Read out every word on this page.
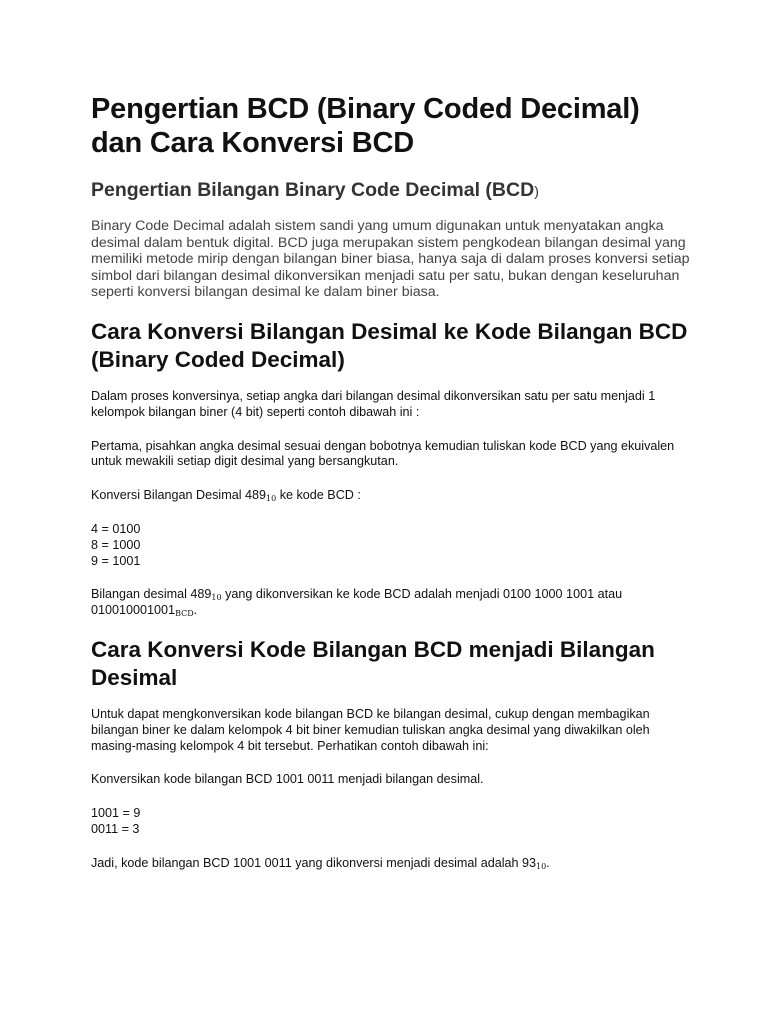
Pengertian BCD (Binary Coded Decimal) dan Cara Konversi BCD
Pengertian Bilangan Binary Code Decimal (BCD)

Binary Code Decimal adalah sistem sandi yang umum digunakan untuk menyatakan angka desimal dalam bentuk digital. BCD juga merupakan sistem pengkodean bilangan desimal yang memiliki metode mirip dengan bilangan biner biasa, hanya saja di dalam proses konversi setiap simbol dari bilangan desimal dikonversikan menjadi satu per satu, bukan dengan keseluruhan seperti konversi bilangan desimal ke dalam biner biasa.

Cara Konversi Bilangan Desimal ke Kode Bilangan BCD (Binary Coded Decimal)

Dalam proses konversinya, setiap angka dari bilangan desimal dikonversikan satu per satu menjadi 1 kelompok bilangan biner (4 bit) seperti contoh dibawah ini :

Pertama, pisahkan angka desimal sesuai dengan bobotnya kemudian tuliskan kode BCD yang ekuivalen untuk mewakili setiap digit desimal yang bersangkutan.

Konversi Bilangan Desimal $489_{10}$ ke kode BCD :

4 = 0100
8 = 1000
9 = 1001

Bilangan desimal $489_{10}$ yang dikonversikan ke kode BCD adalah menjadi 0100 1000 1001 atau $010010001001_{BCD}$.

Cara Konversi Kode Bilangan BCD menjadi Bilangan Desimal

Untuk dapat mengkonversikan kode bilangan BCD ke bilangan desimal, cukup dengan membagikan bilangan biner ke dalam kelompok 4 bit biner kemudian tuliskan angka desimal yang diwakilkan oleh masing-masing kelompok 4 bit tersebut. Perhatikan contoh dibawah ini:

Konversikan kode bilangan BCD 1001 0011 menjadi bilangan desimal.

1001 = 9
0011 = 3

Jadi, kode bilangan BCD 1001 0011 yang dikonversi menjadi desimal adalah $93_{10}$.
